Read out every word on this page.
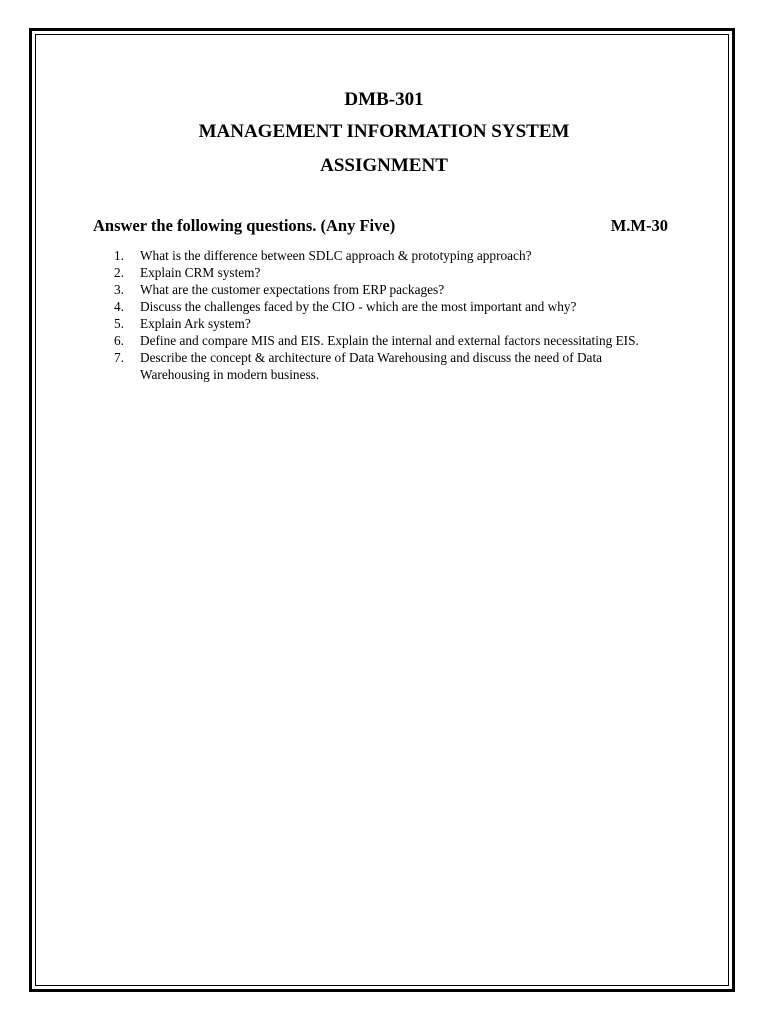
DMB-301
MANAGEMENT INFORMATION SYSTEM
ASSIGNMENT
Answer the following questions. (Any Five)	M.M-30
1. What is the difference between SDLC approach & prototyping approach?
2. Explain CRM system?
3. What are the customer expectations from ERP packages?
4. Discuss the challenges faced by the CIO - which are the most important and why?
5. Explain Ark system?
6. Define and compare MIS and EIS. Explain the internal and external factors necessitating EIS.
7. Describe the concept & architecture of Data Warehousing and discuss the need of Data Warehousing in modern business.
